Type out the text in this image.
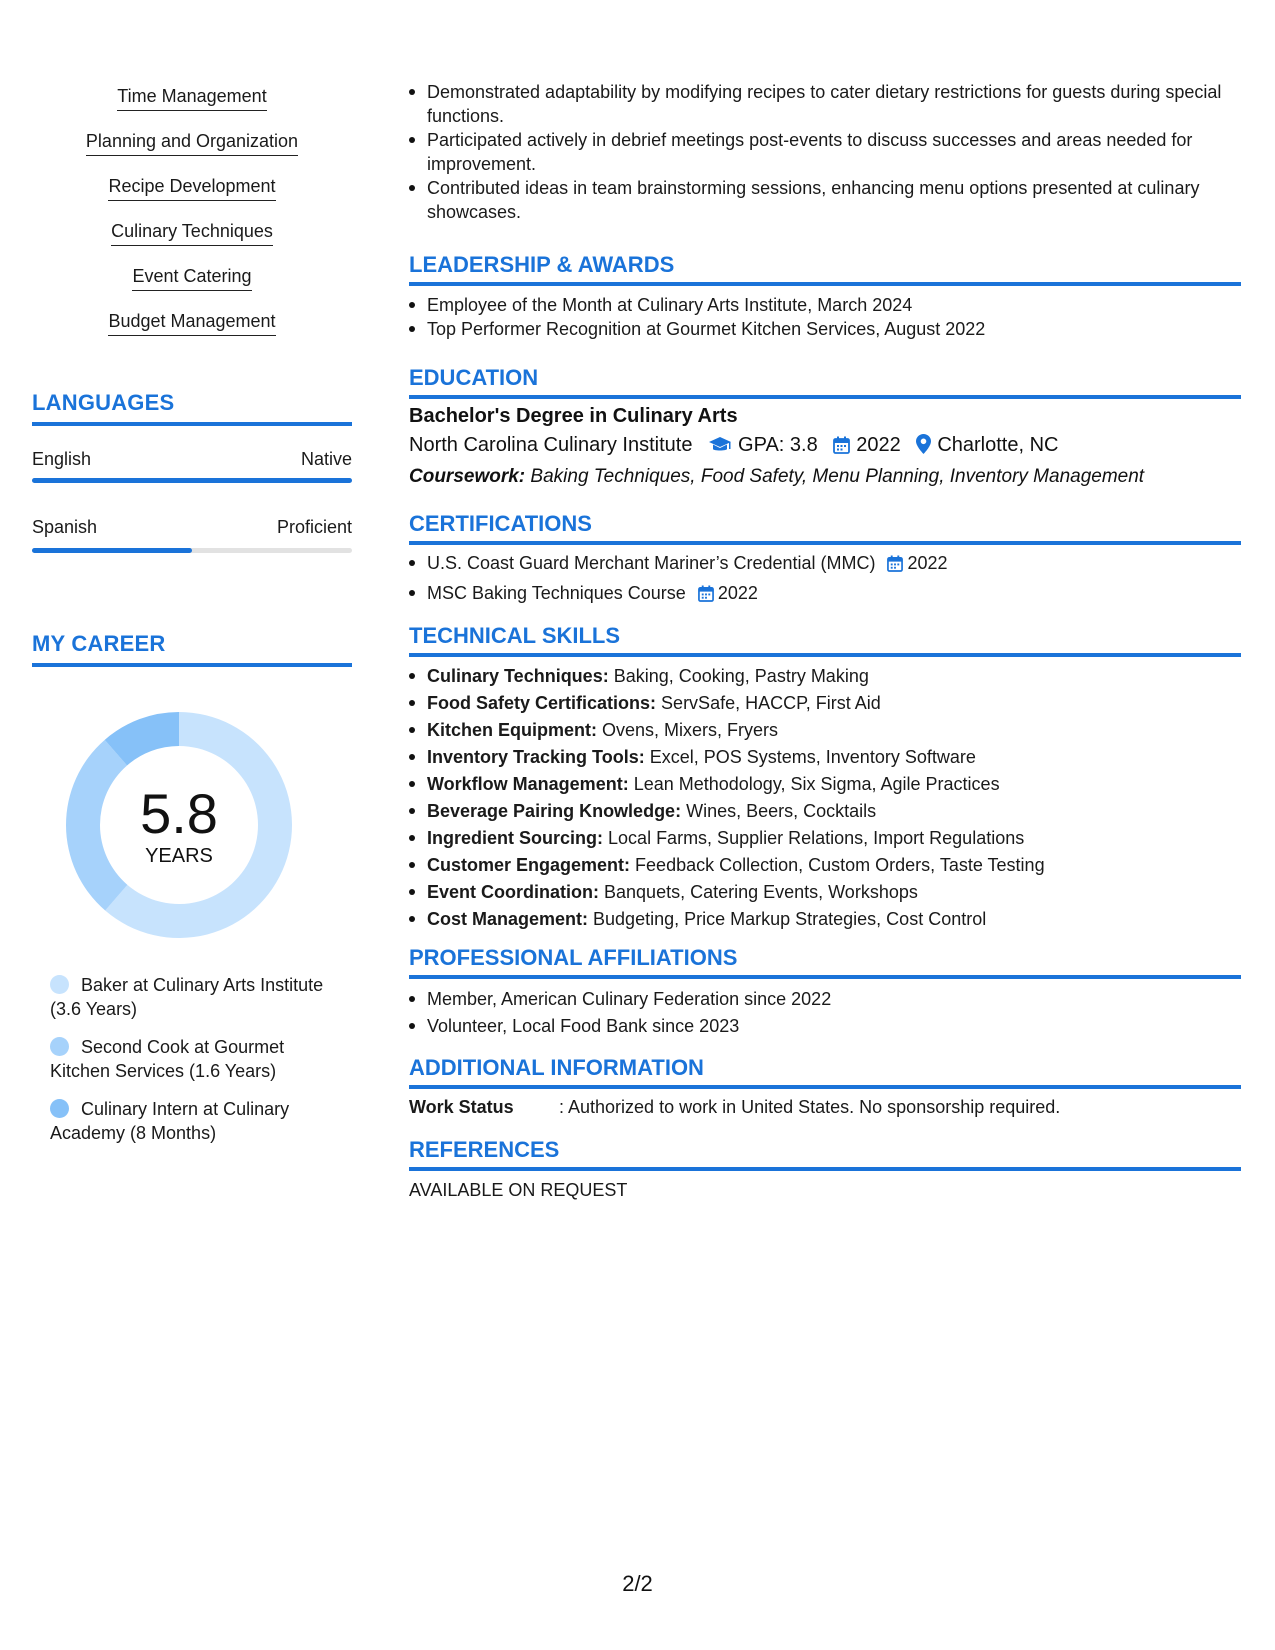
Time Management
Planning and Organization
Recipe Development
Culinary Techniques
Event Catering
Budget Management
LANGUAGES
English	Native
Spanish	Proficient
MY CAREER
5.8
YEARS
Baker at Culinary Arts Institute (3.6 Years)
Second Cook at Gourmet Kitchen Services (1.6 Years)
Culinary Intern at Culinary Academy (8 Months)
Demonstrated adaptability by modifying recipes to cater dietary restrictions for guests during special functions.
Participated actively in debrief meetings post-events to discuss successes and areas needed for improvement.
Contributed ideas in team brainstorming sessions, enhancing menu options presented at culinary showcases.
LEADERSHIP & AWARDS
Employee of the Month at Culinary Arts Institute, March 2024
Top Performer Recognition at Gourmet Kitchen Services, August 2022
EDUCATION
Bachelor's Degree in Culinary Arts
North Carolina Culinary Institute GPA: 3.8 2022 Charlotte, NC
Coursework: Baking Techniques, Food Safety, Menu Planning, Inventory Management
CERTIFICATIONS
U.S. Coast Guard Merchant Mariner’s Credential (MMC) 2022
MSC Baking Techniques Course 2022
TECHNICAL SKILLS
Culinary Techniques: Baking, Cooking, Pastry Making
Food Safety Certifications: ServSafe, HACCP, First Aid
Kitchen Equipment: Ovens, Mixers, Fryers
Inventory Tracking Tools: Excel, POS Systems, Inventory Software
Workflow Management: Lean Methodology, Six Sigma, Agile Practices
Beverage Pairing Knowledge: Wines, Beers, Cocktails
Ingredient Sourcing: Local Farms, Supplier Relations, Import Regulations
Customer Engagement: Feedback Collection, Custom Orders, Taste Testing
Event Coordination: Banquets, Catering Events, Workshops
Cost Management: Budgeting, Price Markup Strategies, Cost Control
PROFESSIONAL AFFILIATIONS
Member, American Culinary Federation since 2022
Volunteer, Local Food Bank since 2023
ADDITIONAL INFORMATION
Work Status	: Authorized to work in United States. No sponsorship required.
REFERENCES
AVAILABLE ON REQUEST
2/2
